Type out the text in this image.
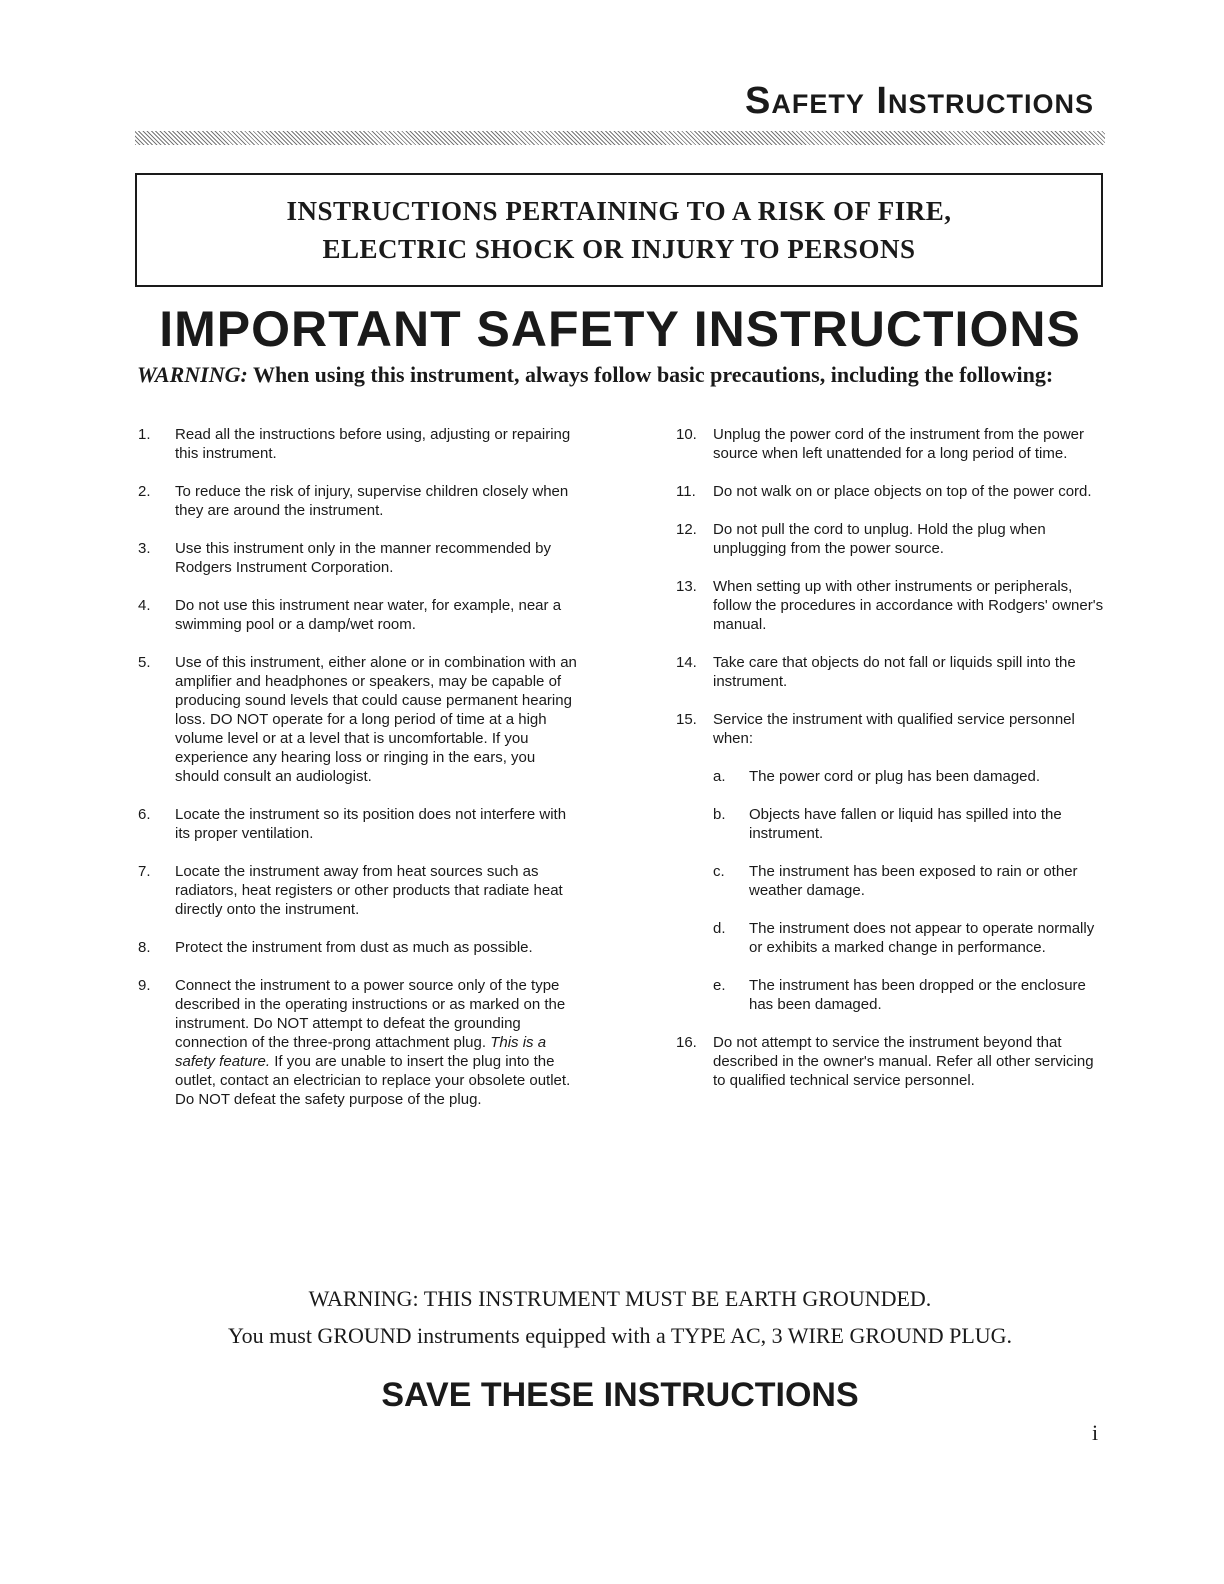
Safety Instructions
INSTRUCTIONS PERTAINING TO A RISK OF FIRE,
ELECTRIC SHOCK OR INJURY TO PERSONS
IMPORTANT SAFETY INSTRUCTIONS
WARNING: When using this instrument, always follow basic precautions, including the following:
1. Read all the instructions before using, adjusting or repairing this instrument.
2. To reduce the risk of injury, supervise children closely when they are around the instrument.
3. Use this instrument only in the manner recommended by Rodgers Instrument Corporation.
4. Do not use this instrument near water, for example, near a swimming pool or a damp/wet room.
5. Use of this instrument, either alone or in combination with an amplifier and headphones or speakers, may be capable of producing sound levels that could cause permanent hearing loss. DO NOT operate for a long period of time at a high volume level or at a level that is uncomfortable. If you experience any hearing loss or ringing in the ears, you should consult an audiologist.
6. Locate the instrument so its position does not interfere with its proper ventilation.
7. Locate the instrument away from heat sources such as radiators, heat registers or other products that radiate heat directly onto the instrument.
8. Protect the instrument from dust as much as possible.
9. Connect the instrument to a power source only of the type described in the operating instructions or as marked on the instrument. Do NOT attempt to defeat the grounding connection of the three-prong attachment plug. This is a safety feature. If you are unable to insert the plug into the outlet, contact an electrician to replace your obsolete outlet. Do NOT defeat the safety purpose of the plug.
10. Unplug the power cord of the instrument from the power source when left unattended for a long period of time.
11. Do not walk on or place objects on top of the power cord.
12. Do not pull the cord to unplug. Hold the plug when unplugging from the power source.
13. When setting up with other instruments or peripherals, follow the procedures in accordance with Rodgers' owner's manual.
14. Take care that objects do not fall or liquids spill into the instrument.
15. Service the instrument with qualified service personnel when:
a. The power cord or plug has been damaged.
b. Objects have fallen or liquid has spilled into the instrument.
c. The instrument has been exposed to rain or other weather damage.
d. The instrument does not appear to operate normally or exhibits a marked change in performance.
e. The instrument has been dropped or the enclosure has been damaged.
16. Do not attempt to service the instrument beyond that described in the owner's manual. Refer all other servicing to qualified technical service personnel.
WARNING: THIS INSTRUMENT MUST BE EARTH GROUNDED.
You must GROUND instruments equipped with a TYPE AC, 3 WIRE GROUND PLUG.
SAVE THESE INSTRUCTIONS
i
